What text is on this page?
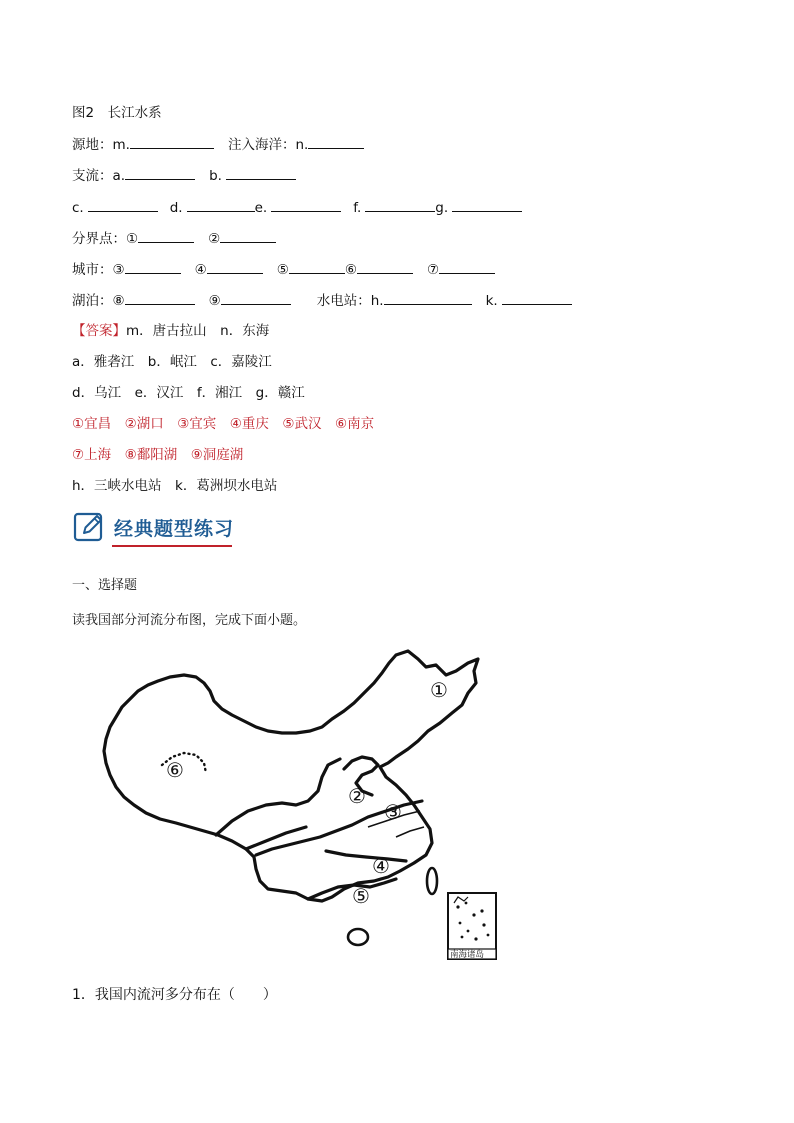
图2　长江水系
源地：m.	注入海洋：n.
支流：a.	b.
c.	d.	e.	f.	g.
分界点：①	②
城市：③	④	⑤	⑥	⑦
湖泊：⑧	⑨	水电站：h.	k.
【答案】m．唐古拉山　n．东海
a．雅砻江　b．岷江　c．嘉陵江
d．乌江　e．汉江　f．湘江　g．赣江
①宜昌　②湖口　③宜宾　④重庆　⑤武汉　⑥南京
⑦上海　⑧鄱阳湖　⑨洞庭湖
h．三峡水电站　k．葛洲坝水电站
经典题型练习
一、选择题
读我国部分河流分布图，完成下面小题。
①
②
③
④
⑤
⑥
南海诸岛
1．我国内流河多分布在（　　）
